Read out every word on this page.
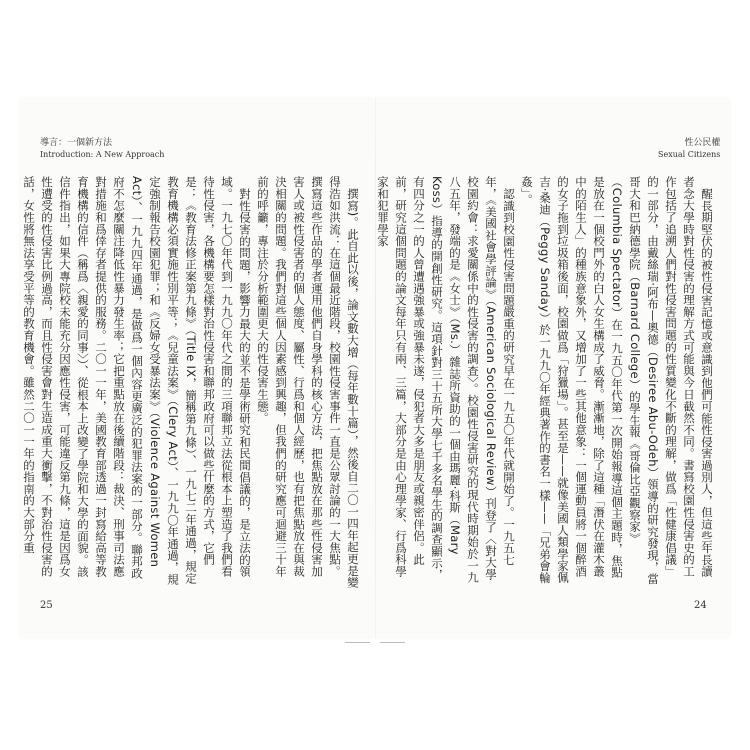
導言：一個新方法
Introduction: A New Approach

撰寫)。此自此以後，論文數大增（每年數十篇），然後自二〇一四年起更是變得浩如洪流：在這個最近階段，校園性侵害事件一直是公眾討論的一大焦點。撰寫這些作品的學者運用他們自身學科的核心方法，把焦點放在那些性侵害加害人或被性侵害者的個人態度、屬性、行爲和個人經歷，也有把焦點放在與裁決相關的問題。我們對這些個人因素感到興趣，但我們的研究應可迴避三十年前的呼籲，專注於分析範圍更大的性侵害生態。

對性侵害的問題，影響力最大的並不是學術研究和民間倡議的，是立法的領域。一九七〇年代到一九九〇年代之間的三項聯邦立法從根本上塑造了我們看待性侵害，各機構要怎樣對治性侵害和聯邦政府可以做些什麼的方式，它們是：《教育法修正案第九條》（Title IX，簡稱第九條）、一九七二年通過，規定教育機構必須實施性別平等；《兒童法案》（Clery Act）、一九九〇年通過，規定強制報告校園犯罪；和《反婦女受暴法案》（Violence Against Women Act）、一九九四年通過，是做爲一個內容更廣泛的犯罪法案的一部分。聯邦政府不怎麼關注降低性暴力發生率；它把重點放在後續階段：裁決、刑事司法應對措施和爲倖存者提供的服務。二〇一一年，美國教育部透過一封寫給高等教育機構的信件（稱爲〈親愛的同事〉）、從根本上改變了學院和大學的面貌。該信件指出，如果大專院校未能充分因應性侵害，可能違反第九條，這是因爲女性遭受的性侵害比例過高，而且性侵害會對生造成重大衝擊，不對治性侵害的話，女性將無法享受平等的教育機會。雖然二〇一一年的指南的大部分重

25
性公民權
Sexual Citizens

醒長期堅伏的被性侵害記憶或意識到他們可能性侵害過別人，但這些年長讀者念大學時對性侵害的理解方式可能與今日截然不同。書寫校園性侵害史的工作包括了追溯人們對性侵害問題的性質變化不斷的理解，做爲「性健康倡議」的一部分，由戴絲瑞·阿布—奧德（Desiree Abu-Odeh）領導的研究發現，當哥大和巴納德學院（Barnard College）的學生報《哥倫比亞觀察家》（Columbia Spectator）在一九五〇年代第一次開始報導這個主題時，焦點是放在一個校門外的白人女生構成了威脅。漸漸地，除了這種「潛伏在灌木叢中的陌生人」的種族意象外，又增加了一些其他意象：一個運動員將一個醉酒的女子拖到垃圾箱後面，校園做爲「狩獵場」。甚至是——就像美國人類學家佩吉·桑迪（Peggy Sanday）於一九九〇年經典著作的書名一樣——「兄弟會輪姦」。

認識到校園性侵害問題嚴重的研究早在一九五〇年代就開始了。一九五七年，《美國社會學評論》（American Sociological Review）刊登了〈對大學校園約會：求愛關係中的性侵害的調查〉。校園性侵害研究的現代時期始於一九八五年，發端的是《女士》（Ms.）雜誌所資助的一個由瑪麗·科斯（Mary Koss）指導的開創性研究。這項針對三十五所大學七千多名學生的調查顯示，有四分之一的人曾遭遇強暴或強暴未遂，侵犯者大多是朋友或親密伴侶。此前，研究這個問題的論文每年只有兩、三篇，大部分是由心理學家、行爲科學家和犯罪學家

24
